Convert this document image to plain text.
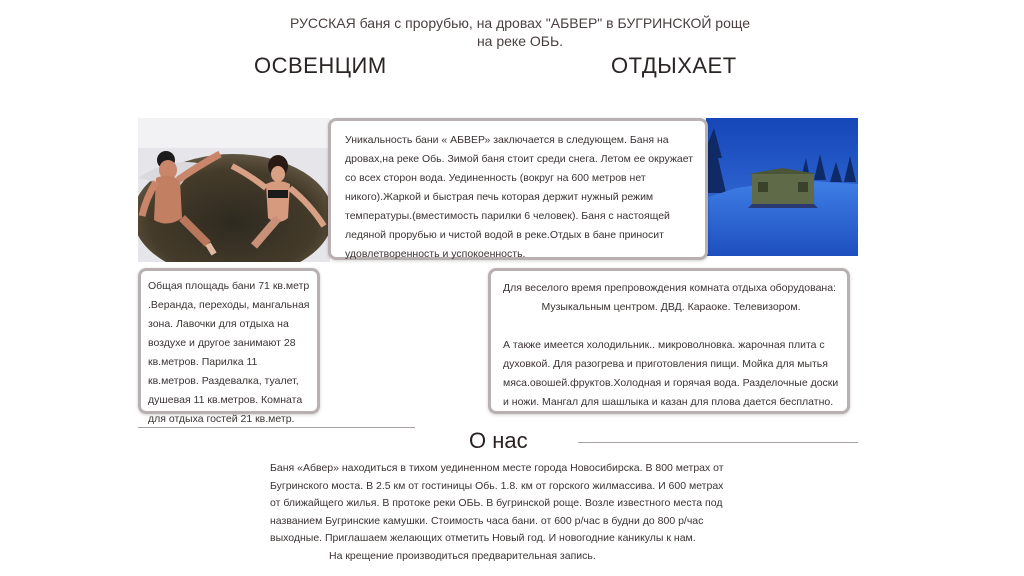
РУССКАЯ баня с прорубью, на дровах "АБВЕР" в БУГРИНСКОЙ роще
на реке ОБЬ.
ОСВЕНЦИМ	ОТДЫХАЕТ

Уникальность бани « АБВЕР» заключается в следующем. Баня на дровах,на реке Обь. Зимой баня стоит среди снега. Летом ее окружает со всех сторон вода. Уединенность (вокруг на 600 метров нет никого).Жаркой и быстрая печь которая держит нужный режим температуры.(вместимость парилки 6 человек). Баня с настоящей ледяной прорубью и чистой водой в реке.Отдых в бане приносит удовлетворенность и успокоенность.

Общая площадь бани 71 кв.метр .Веранда, переходы, мангальная зона. Лавочки для отдыха на воздухе и другое занимают 28 кв.метров. Парилка 11 кв.метров. Раздевалка, туалет, душевая 11 кв.метров. Комната для отдыха гостей 21 кв.метр.

Для веселого время препровождения комната отдыха оборудована:

Музыкальным центром. ДВД. Караоке. Телевизором.

А также имеется холодильник.. микроволновка. жарочная плита с духовкой. Для разогрева и приготовления пищи. Мойка для мытья мяса.овошей.фруктов.Холодная и горячая вода. Разделочные доски и ножи. Мангал для шашлыка и казан для плова дается бесплатно.

О нас
Баня «Абвер» находиться в тихом уединенном месте города Новосибирска. В 800 метрах от Бугринского моста. В 2.5 км от гостиницы Обь. 1.8. км от горского жилмассива. И 600 метрах от ближайщего жилья. В протоке реки ОБЬ. В бугринской роще. Возле известного места под названием Бугринские камушки. Стоимость часа бани. от 600 р/час в будни до 800 р/час выходные. Приглашаем желающих отметить Новый год. И новогодние каникулы к нам.
На крещение производиться предварительная запись.
